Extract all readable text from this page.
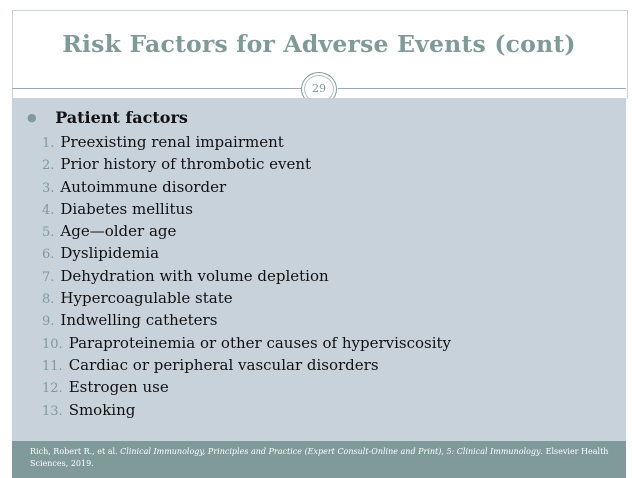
Risk Factors for Adverse Events (cont)
29
● Patient factors
1. Preexisting renal impairment
2. Prior history of thrombotic event
3. Autoimmune disorder
4. Diabetes mellitus
5. Age—older age
6. Dyslipidemia
7. Dehydration with volume depletion
8. Hypercoagulable state
9. Indwelling catheters
10. Paraproteinemia or other causes of hyperviscosity
11. Cardiac or peripheral vascular disorders
12. Estrogen use
13. Smoking
Rich, Robert R., et al. Clinical Immunology, Principles and Practice (Expert Consult-Online and Print), 5: Clinical Immunology. Elsevier Health Sciences, 2019.
